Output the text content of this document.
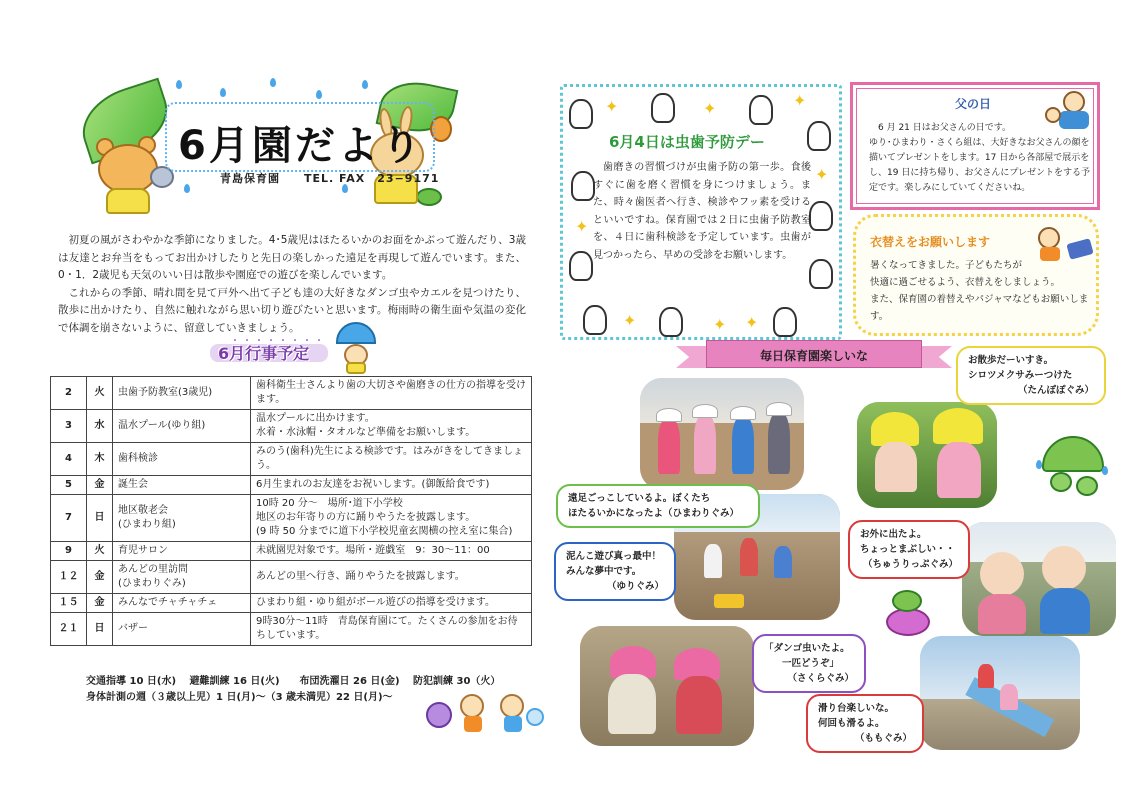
6月園だより
青島保育園　　TEL. FAX　23−9171

初夏の風がさわやかな季節になりました。4･5歳児はほたるいかのお面をかぶって遊んだり、3歳は友達とお弁当をもってお出かけしたりと先日の楽しかった遠足を再現して遊んでいます。また、0・1．2歳児も天気のいい日は散歩や園庭での遊びを楽しんでいます。

これからの季節、晴れ間を見て戸外へ出て子ども達の大好きなダンゴ虫やカエルを見つけたり、散歩に出かけたり、自然に触れながら思い切り遊びたいと思います。梅雨時の衛生面や気温の変化で体調を崩さないように、留意していきましょう。

・・・・・・・・
6月行事予定
2	火	虫歯予防教室(3歳児)	歯科衛生士さんより歯の大切さや歯磨きの仕方の指導を受けます。
3	水	温水プール(ゆり組)	温水プールに出かけます。
水着・水泳帽・タオルなど準備をお願いします。
4	木	歯科検診	みのう(歯科)先生による検診です。はみがきをしてきましょう。
5	金	誕生会	6月生まれのお友達をお祝いします。(御飯給食です)
7	日	地区敬老会
(ひまわり組)	10時 20 分～　場所･道下小学校
地区のお年寄りの方に踊りやうたを披露します。
(9 時 50 分までに道下小学校児童玄関横の控え室に集合)
9	火	育児サロン	未就園児対象です。場所・遊戯室　9：30～11：00
１２	金	あんどの里訪問
(ひまわりぐみ)	あんどの里へ行き、踊りやうたを披露します。
１５	金	みんなでチャチャチェ	ひまわり組・ゆり組がボール遊びの指導を受けます。
２１	日	バザー	9時30分～11時　青島保育園にて。たくさんの参加をお待ちしています。
交通指導 10 日(水)　 避難訓練 16 日(火)　　布団洗濯日 26 日(金)　 防犯訓練 30（火）
身体計測の週（３歳以上児）1 日(月)～（3 歳未満児）22 日(月)～
✦	✦	✦
✦
✦
✦	✦ ✦
6月4日は虫歯予防デー
歯磨きの習慣づけが虫歯予防の第一歩。食後すぐに歯を磨く習慣を身につけましょう。また、時々歯医者へ行き、検診やフッ素を受けるといいですね。保育園では２日に虫歯予防教室を、４日に歯科検診を予定しています。虫歯が見つかったら、早めの受診をお願いします。
父の日

6 月 21 日はお父さんの日です。

ゆり･ひまわり・さくら組は、大好きなお父さんの顔を描いてプレゼントをします。17 日から各部屋で展示をし、19 日に持ち帰り、お父さんにプレゼントをする予定です。楽しみにしていてくださいね。

衣替えをお願いします
暑くなってきました。子どもたちが
快適に過ごせるよう、衣替えをしましょう。
また、保育園の着替えやパジャマなどもお願いします。
毎日保育園楽しいな	お散歩だーいすき。
シロツメクサみーつけた
（たんぽぽぐみ）
遠足ごっこしているよ。ぼくたち
ほたるいかになったよ（ひまわりぐみ）
泥んこ遊び真っ最中！
みんな夢中です。
（ゆりぐみ）
お外に出たよ。
ちょっとまぶしい・・
（ちゅうりっぷぐみ）
「ダンゴ虫いたよ。
一匹どうぞ」
（さくらぐみ）
滑り台楽しいな。
何回も滑るよ。
（ももぐみ）
